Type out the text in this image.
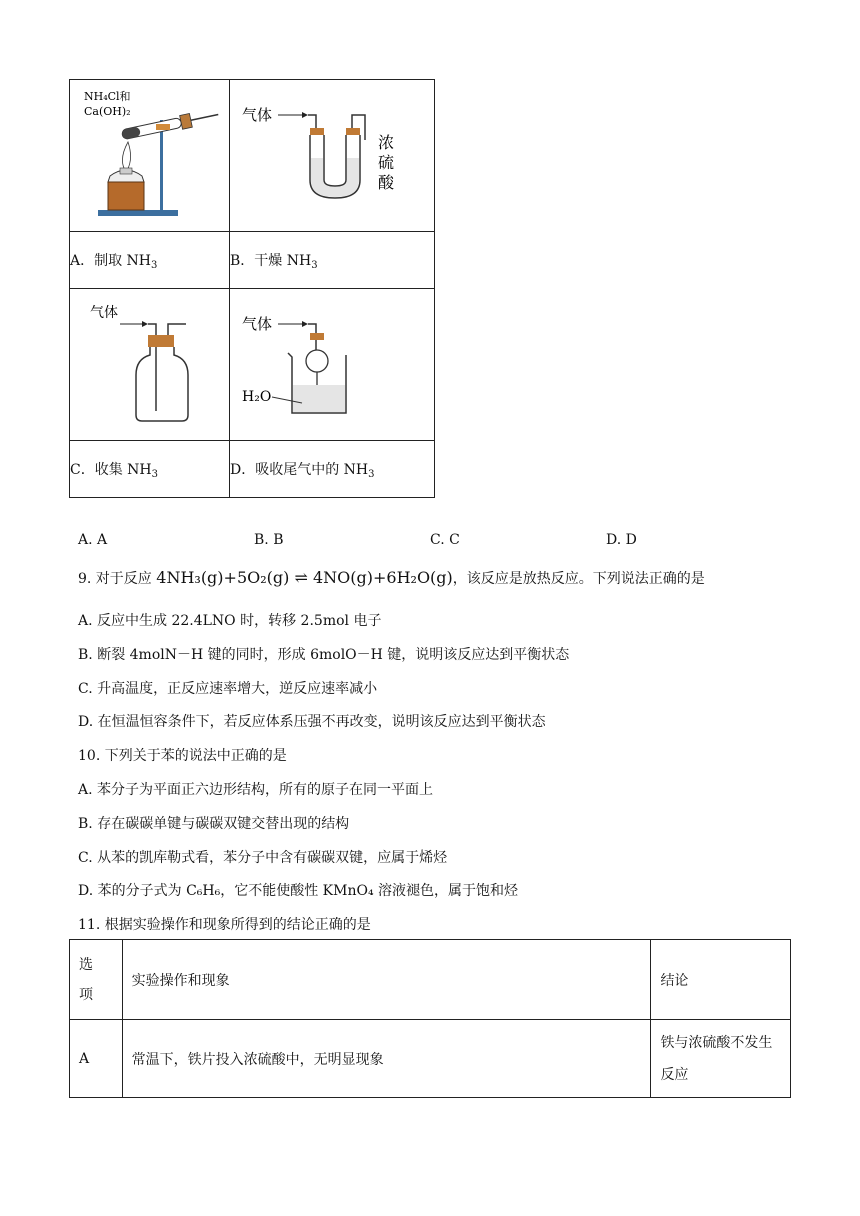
NH₄Cl和
Ca(OH)₂	气体
浓
硫
酸

A．制取 $NH_3$	B．干燥 $NH_3$

气体	气体
H₂O

C．收集 $NH_3$	D．吸收尾气中的 $NH_3$
A. A	B. B	C. C	D. D
9. 对于反应 4NH₃(g)+5O₂(g) ⇌ 4NO(g)+6H₂O(g)，该反应是放热反应。下列说法正确的是
A. 反应中生成 22.4LNO 时，转移 2.5mol 电子
B. 断裂 4molN－H 键的同时，形成 6molO－H 键，说明该反应达到平衡状态
C. 升高温度，正反应速率增大，逆反应速率减小
D. 在恒温恒容条件下，若反应体系压强不再改变，说明该反应达到平衡状态
10. 下列关于苯的说法中正确的是
A. 苯分子为平面正六边形结构，所有的原子在同一平面上
B. 存在碳碳单键与碳碳双键交替出现的结构
C. 从苯的凯库勒式看，苯分子中含有碳碳双键，应属于烯烃
D. 苯的分子式为 C₆H₆，它不能使酸性 KMnO₄ 溶液褪色，属于饱和烃
11. 根据实验操作和现象所得到的结论正确的是
选
项	实验操作和现象	结论
A	常温下，铁片投入浓硫酸中，无明显现象	铁与浓硫酸不发生
反应
